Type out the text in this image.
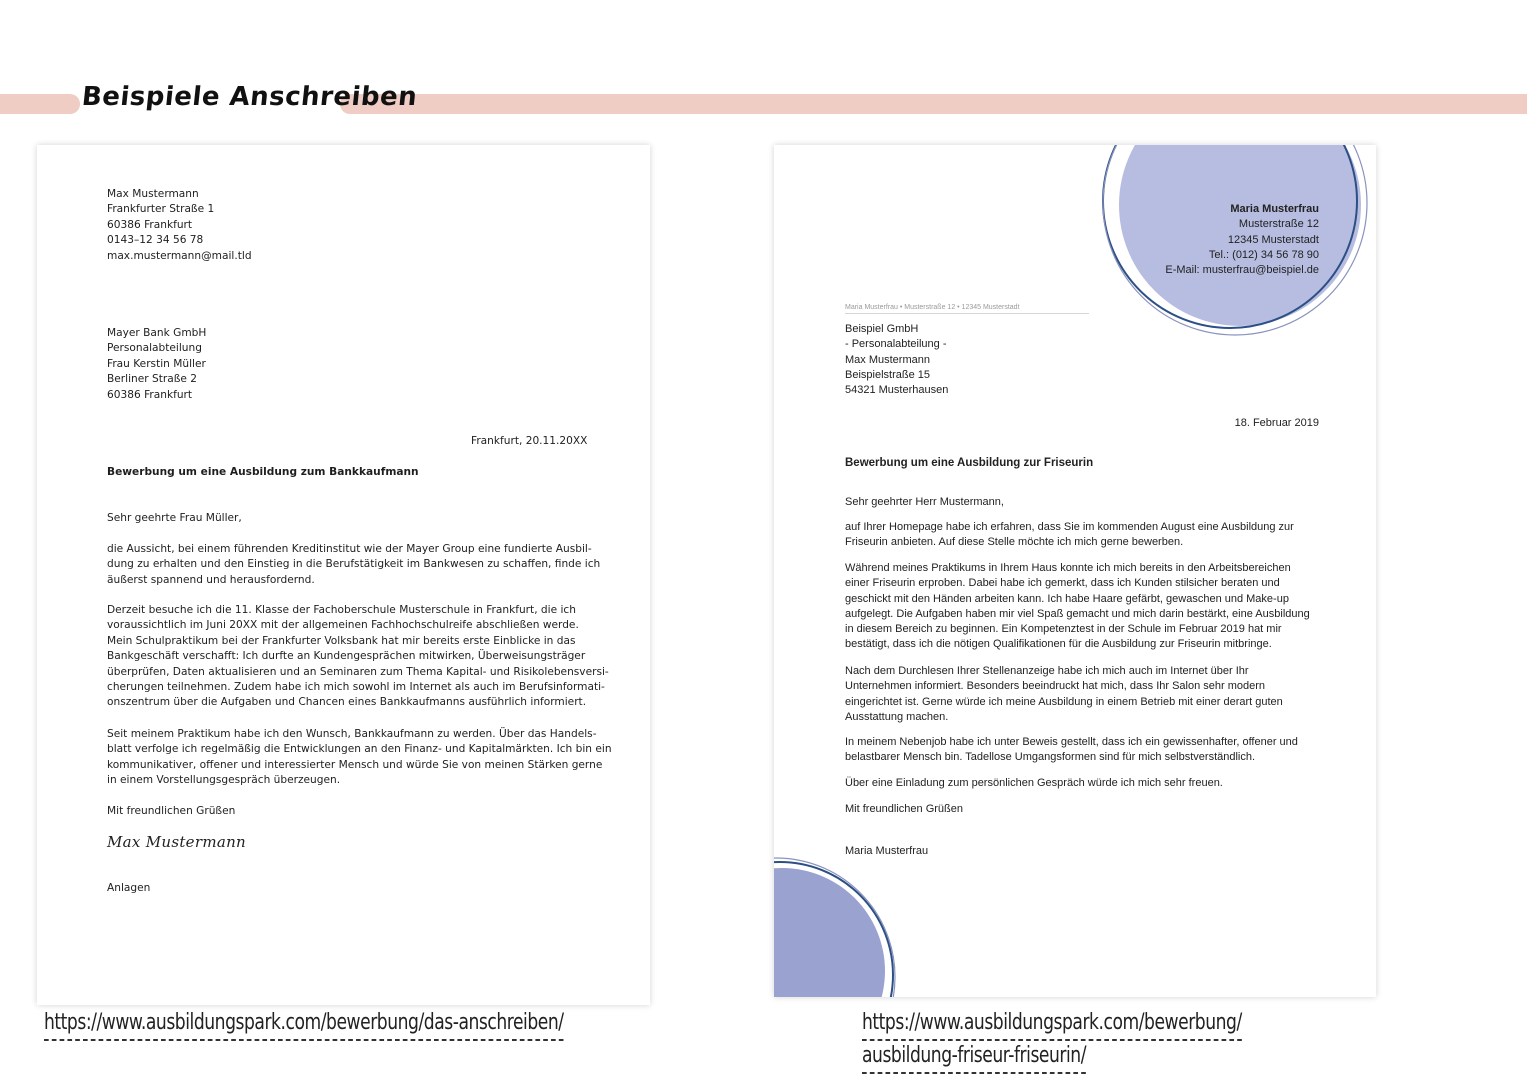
Beispiele Anschreiben
Max Mustermann
Frankfurter Straße 1
60386 Frankfurt
0143–12 34 56 78
max.mustermann@mail.tld
Mayer Bank GmbH
Personalabteilung
Frau Kerstin Müller
Berliner Straße 2
60386 Frankfurt
Frankfurt, 20.11.20XX
Bewerbung um eine Ausbildung zum Bankkaufmann
Sehr geehrte Frau Müller,
die Aussicht, bei einem führenden Kreditinstitut wie der Mayer Group eine fundierte Ausbil-
dung zu erhalten und den Einstieg in die Berufstätigkeit im Bankwesen zu schaffen, finde ich
äußerst spannend und herausfordernd.
Derzeit besuche ich die 11. Klasse der Fachoberschule Musterschule in Frankfurt, die ich
voraussichtlich im Juni 20XX mit der allgemeinen Fachhochschulreife abschließen werde.
Mein Schulpraktikum bei der Frankfurter Volksbank hat mir bereits erste Einblicke in das
Bankgeschäft verschafft: Ich durfte an Kundengesprächen mitwirken, Überweisungsträger
überprüfen, Daten aktualisieren und an Seminaren zum Thema Kapital- und Risikolebensversi-
cherungen teilnehmen. Zudem habe ich mich sowohl im Internet als auch im Berufsinformati-
onszentrum über die Aufgaben und Chancen eines Bankkaufmanns ausführlich informiert.
Seit meinem Praktikum habe ich den Wunsch, Bankkaufmann zu werden. Über das Handels-
blatt verfolge ich regelmäßig die Entwicklungen an den Finanz- und Kapitalmärkten. Ich bin ein
kommunikativer, offener und interessierter Mensch und würde Sie von meinen Stärken gerne
in einem Vorstellungsgespräch überzeugen.
Mit freundlichen Grüßen
Max Mustermann
Anlagen
Maria Musterfrau
Musterstraße 12
12345 Musterstadt
Tel.: (012) 34 56 78 90
E-Mail: musterfrau@beispiel.de
Maria Musterfrau • Musterstraße 12 • 12345 Musterstadt
Beispiel GmbH
- Personalabteilung -
Max Mustermann
Beispielstraße 15
54321 Musterhausen
18. Februar 2019
Bewerbung um eine Ausbildung zur Friseurin
Sehr geehrter Herr Mustermann,
auf Ihrer Homepage habe ich erfahren, dass Sie im kommenden August eine Ausbildung zur
Friseurin anbieten. Auf diese Stelle möchte ich mich gerne bewerben.
Während meines Praktikums in Ihrem Haus konnte ich mich bereits in den Arbeitsbereichen
einer Friseurin erproben. Dabei habe ich gemerkt, dass ich Kunden stilsicher beraten und
geschickt mit den Händen arbeiten kann. Ich habe Haare gefärbt, gewaschen und Make-up
aufgelegt. Die Aufgaben haben mir viel Spaß gemacht und mich darin bestärkt, eine Ausbildung
in diesem Bereich zu beginnen. Ein Kompetenztest in der Schule im Februar 2019 hat mir
bestätigt, dass ich die nötigen Qualifikationen für die Ausbildung zur Friseurin mitbringe.
Nach dem Durchlesen Ihrer Stellenanzeige habe ich mich auch im Internet über Ihr
Unternehmen informiert. Besonders beeindruckt hat mich, dass Ihr Salon sehr modern
eingerichtet ist. Gerne würde ich meine Ausbildung in einem Betrieb mit einer derart guten
Ausstattung machen.
In meinem Nebenjob habe ich unter Beweis gestellt, dass ich ein gewissenhafter, offener und
belastbarer Mensch bin. Tadellose Umgangsformen sind für mich selbstverständlich.
Über eine Einladung zum persönlichen Gespräch würde ich mich sehr freuen.
Mit freundlichen Grüßen
Maria Musterfrau
https://www.ausbildungspark.com/bewerbung/das-anschreiben/	https://www.ausbildungspark.com/bewerbung/
ausbildung-friseur-friseurin/
